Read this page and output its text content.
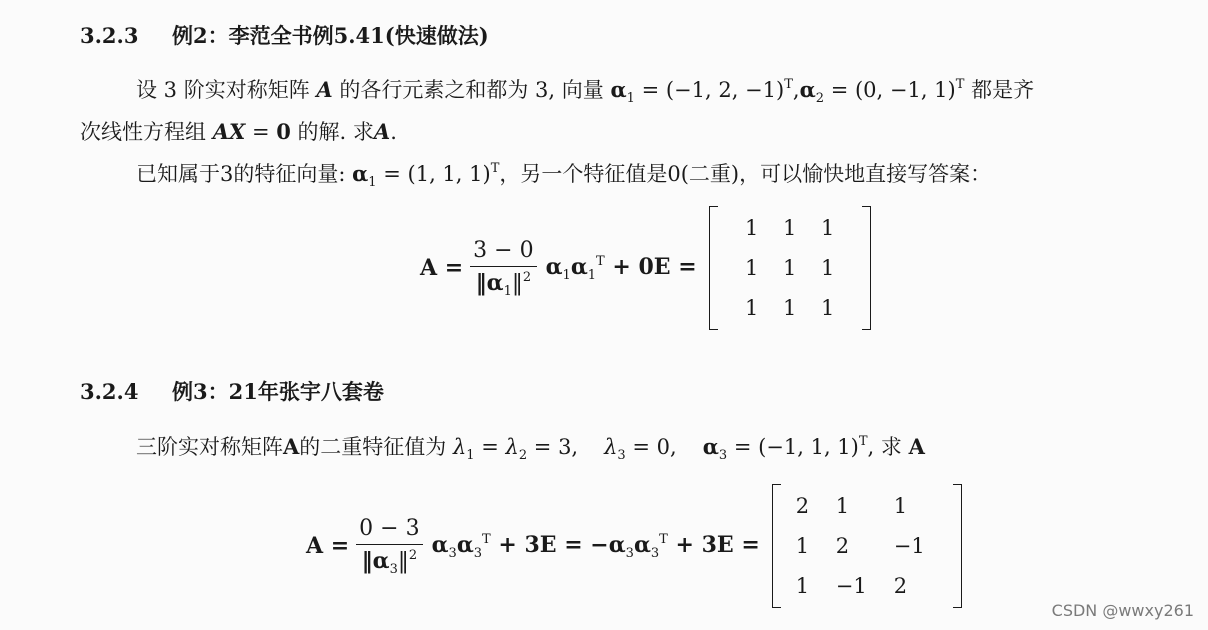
3.2.3 例2：李范全书例5.41(快速做法)
设 3 阶实对称矩阵 A 的各行元素之和都为 3, 向量 $\alpha_1 = (-1$, 2, $-1)^T,\alpha_2 = (0$, −1, 1)$^T$ 都是齐
次线性方程组 AX = 0 的解. 求A.
已知属于3的特征向量: $\alpha_1 = (1$, 1, 1)$^T$，另一个特征值是0(二重)，可以愉快地直接写答案：
$A = \frac{3 - 0}{‖\alpha_1‖^2} \alpha_1\alpha_1^T + 0E$ =
1	1	1
1	1	1
1	1	1
3.2.4 例3：21年张宇八套卷
三阶实对称矩阵A的二重特征值为 $\lambda_1 = \lambda_2 = 3$, $\lambda_3 = 0$, $\alpha_3 = (-1$, 1, 1)$^T$, 求 A
$A = \frac{0 - 3}{‖\alpha_3‖^2} \alpha_3\alpha_3^T + 3E = -\alpha_3\alpha_3^T + 3E$ =
2	1	1
1	2	−1
1	−1	2
CSDN @wwxy261
